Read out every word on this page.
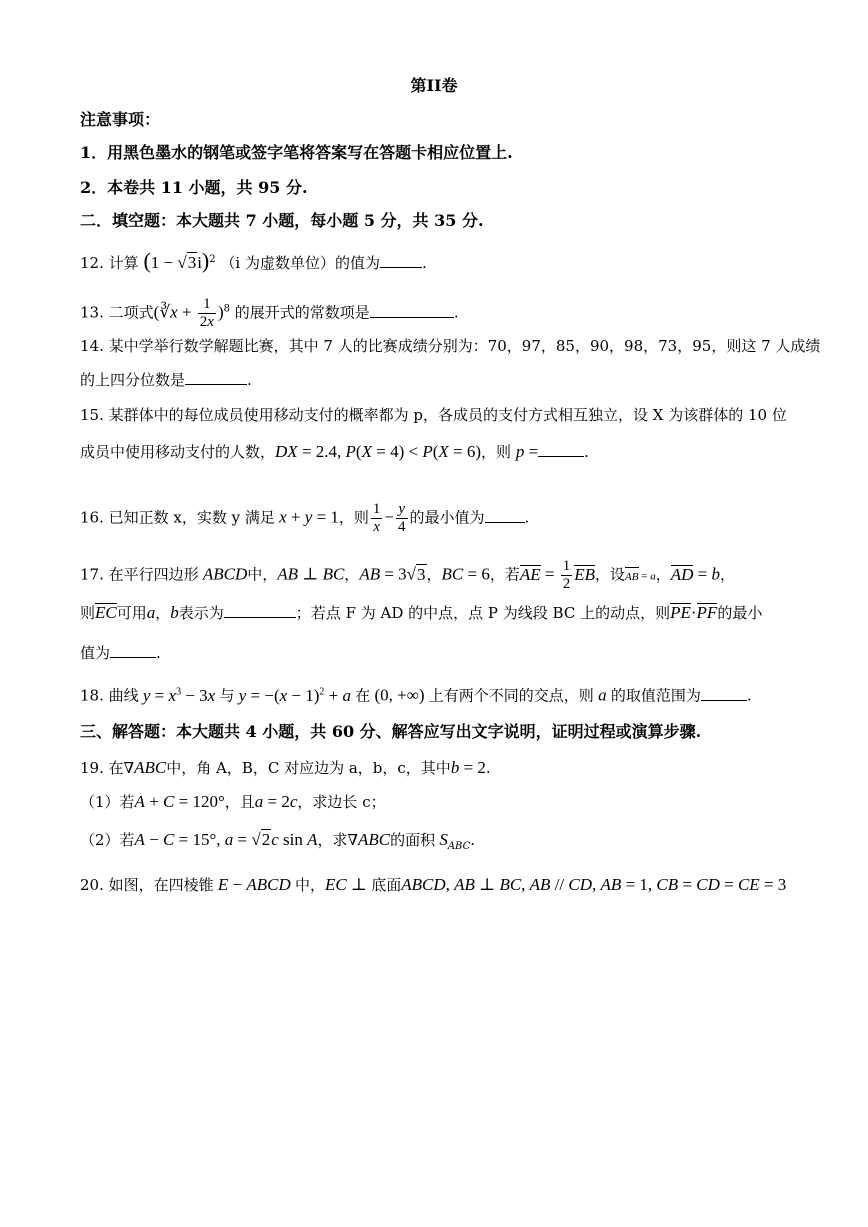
第II卷
注意事项：
1．用黑色墨水的钢笔或签字笔将答案写在答题卡相应位置上.
2．本卷共 11 小题，共 95 分.
二．填空题：本大题共 7 小题，每小题 5 分，共 35 分.
12. 计算 $(1 - √3i)^2$ （i 为虚数单位）的值为	.
13. 二项式(∛x + $\frac{1}{2x} )^8$ 的展开式的常数项是	.
14. 某中学举行数学解题比赛，其中 7 人的比赛成绩分别为：70，97，85，90，98，73，95，则这 7 人成绩
的上四分位数是	.
15. 某群体中的每位成员使用移动支付的概率都为 p，各成员的支付方式相互独立，设 X 为该群体的 10 位
成员中使用移动支付的人数，DX = 2.4, P(X = 4) < P(X = 6)，则 p =	.
16. 已知正数 x，实数 y 满足 x + y = 1，则 $\frac{1}{x} - \frac{y}{4}$ 的最小值为	.
17. 在平行四边形 ABCD中，AB ⊥ BC，AB = 3√3，BC = 6，若AE = $\frac{1}{2}$ EB，设AB = a，AD = b，
则EC可用a，b表示为	；若点 F 为 AD 的中点，点 P 为线段 BC 上的动点，则PE·PF的最小
值为	.
18. 曲线 $y = x^3 - 3x$ 与 $y = -(x - 1)^2 + a$ 在 (0, +∞) 上有两个不同的交点，则 a 的取值范围为	.
三、解答题：本大题共 4 小题，共 60 分、解答应写出文字说明，证明过程或演算步骤.
19. 在∇ABC中，角 A，B，C 对应边为 a，b，c，其中b = 2.
（1）若A + C = 120°，且a = 2c，求边长 c；
（2）若A − C = 15°, a = √2c sin A，求∇ABC的面积 $S_{ABC}$.
20. 如图，在四棱锥 E − ABCD 中，EC ⊥ 底面ABCD, AB ⊥ BC, AB // CD, AB = 1, CB = CD = CE = 3
